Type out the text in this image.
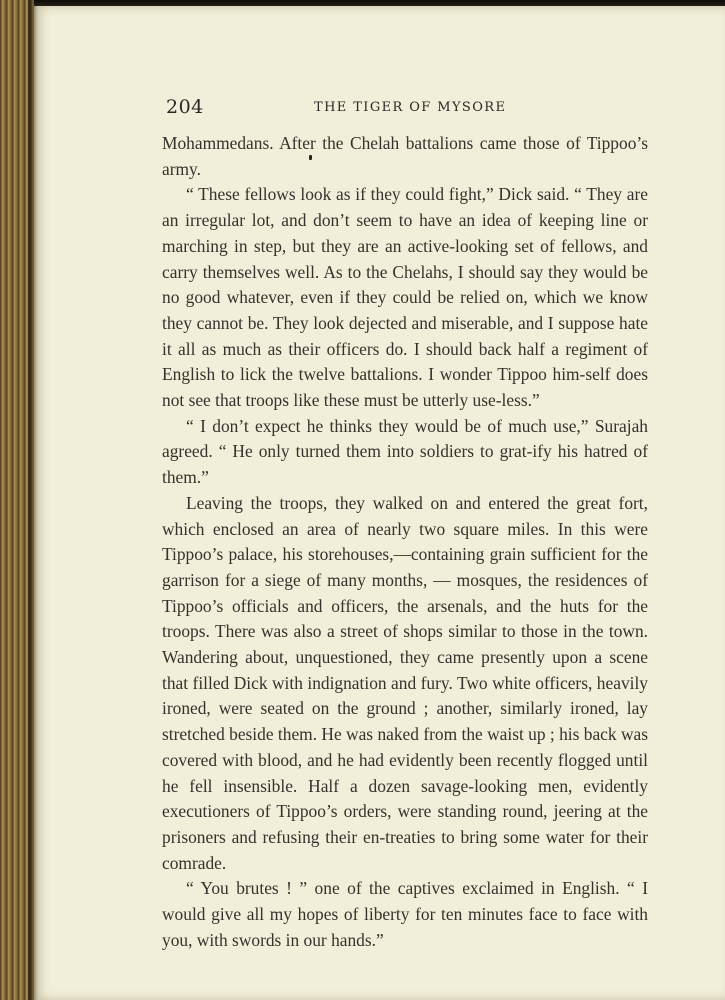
204	THE TIGER OF MYSORE

Mohammedans. After the Chelah battalions came those of Tippoo’s army.

“ These fellows look as if they could fight,” Dick said. “ They are an irregular lot, and don’t seem to have an idea of keeping line or marching in step, but they are an active-looking set of fellows, and carry themselves well. As to the Chelahs, I should say they would be no good whatever, even if they could be relied on, which we know they cannot be. They look dejected and miserable, and I suppose hate it all as much as their officers do. I should back half a regiment of English to lick the twelve battalions. I wonder Tippoo him-self does not see that troops like these must be utterly use-less.”

“ I don’t expect he thinks they would be of much use,” Surajah agreed. “ He only turned them into soldiers to grat-ify his hatred of them.”

Leaving the troops, they walked on and entered the great fort, which enclosed an area of nearly two square miles. In this were Tippoo’s palace, his storehouses,—containing grain sufficient for the garrison for a siege of many months, — mosques, the residences of Tippoo’s officials and officers, the arsenals, and the huts for the troops. There was also a street of shops similar to those in the town. Wandering about, unquestioned, they came presently upon a scene that filled Dick with indignation and fury. Two white officers, heavily ironed, were seated on the ground ; another, similarly ironed, lay stretched beside them. He was naked from the waist up ; his back was covered with blood, and he had evidently been recently flogged until he fell insensible. Half a dozen savage-looking men, evidently executioners of Tippoo’s orders, were standing round, jeering at the prisoners and refusing their en-treaties to bring some water for their comrade.

“ You brutes ! ” one of the captives exclaimed in English. “ I would give all my hopes of liberty for ten minutes face to face with you, with swords in our hands.”
